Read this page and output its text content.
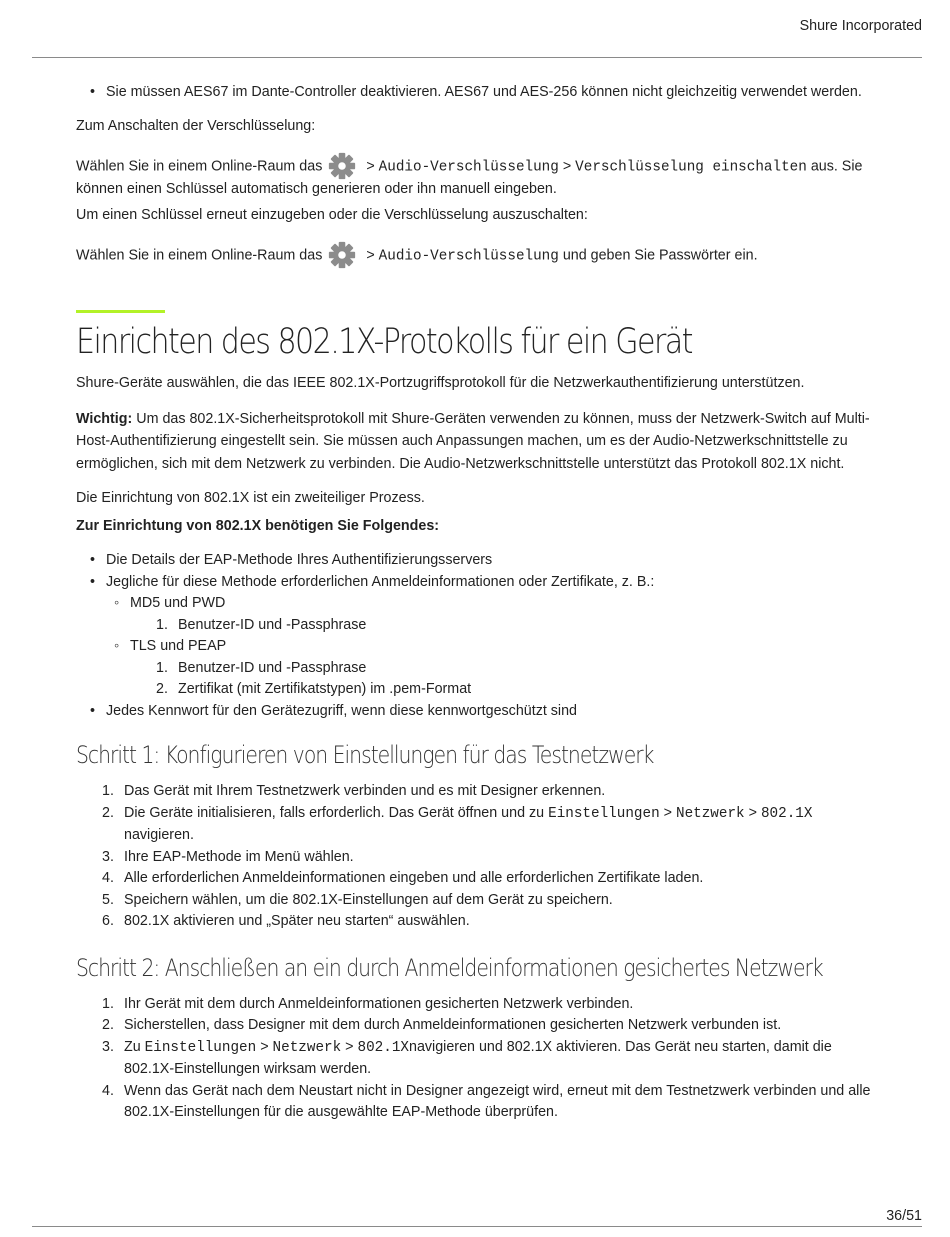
Shure Incorporated
• Sie müssen AES67 im Dante-Controller deaktivieren. AES67 und AES-256 können nicht gleichzeitig verwendet werden.

Zum Anschalten der Verschlüsselung:

Wählen Sie in einem Online-Raum das	> Audio-Verschlüsselung > Verschlüsselung einschalten aus. Sie können einen Schlüssel automatisch generieren oder ihn manuell eingeben.

Um einen Schlüssel erneut einzugeben oder die Verschlüsselung auszuschalten:

Wählen Sie in einem Online-Raum das	> Audio-Verschlüsselung und geben Sie Passwörter ein.

Einrichten des 802.1X-Protokolls für ein Gerät

Shure-Geräte auswählen, die das IEEE 802.1X-Portzugriffsprotokoll für die Netzwerkauthentifizierung unterstützen.

Wichtig: Um das 802.1X-Sicherheitsprotokoll mit Shure-Geräten verwenden zu können, muss der Netzwerk-Switch auf Multi-Host-Authentifizierung eingestellt sein. Sie müssen auch Anpassungen machen, um es der Audio-Netzwerkschnittstelle zu ermöglichen, sich mit dem Netzwerk zu verbinden. Die Audio-Netzwerkschnittstelle unterstützt das Protokoll 802.1X nicht.

Die Einrichtung von 802.1X ist ein zweiteiliger Prozess.

Zur Einrichtung von 802.1X benötigen Sie Folgendes:

• Die Details der EAP-Methode Ihres Authentifizierungsservers
• Jegliche für diese Methode erforderlichen Anmeldeinformationen oder Zertifikate, z. B.:
◦ MD5 und PWD
Benutzer-ID und -Passphrase
◦ TLS und PEAP
Benutzer-ID und -Passphrase
Zertifikat (mit Zertifikatstypen) im .pem-Format
• Jedes Kennwort für den Gerätezugriff, wenn diese kennwortgeschützt sind
Schritt 1: Konfigurieren von Einstellungen für das Testnetzwerk
Das Gerät mit Ihrem Testnetzwerk verbinden und es mit Designer erkennen.
Die Geräte initialisieren, falls erforderlich. Das Gerät öffnen und zu Einstellungen > Netzwerk > 802.1X navigieren.
Ihre EAP-Methode im Menü wählen.
Alle erforderlichen Anmeldeinformationen eingeben und alle erforderlichen Zertifikate laden.
Speichern wählen, um die 802.1X-Einstellungen auf dem Gerät zu speichern.
802.1X aktivieren und „Später neu starten“ auswählen.
Schritt 2: Anschließen an ein durch Anmeldeinformationen gesichertes Netzwerk
Ihr Gerät mit dem durch Anmeldeinformationen gesicherten Netzwerk verbinden.
Sicherstellen, dass Designer mit dem durch Anmeldeinformationen gesicherten Netzwerk verbunden ist.
Zu Einstellungen > Netzwerk > 802.1Xnavigieren und 802.1X aktivieren. Das Gerät neu starten, damit die 802.1X-Einstellungen wirksam werden.
Wenn das Gerät nach dem Neustart nicht in Designer angezeigt wird, erneut mit dem Testnetzwerk verbinden und alle 802.1X-Einstellungen für die ausgewählte EAP-Methode überprüfen.
36/51
